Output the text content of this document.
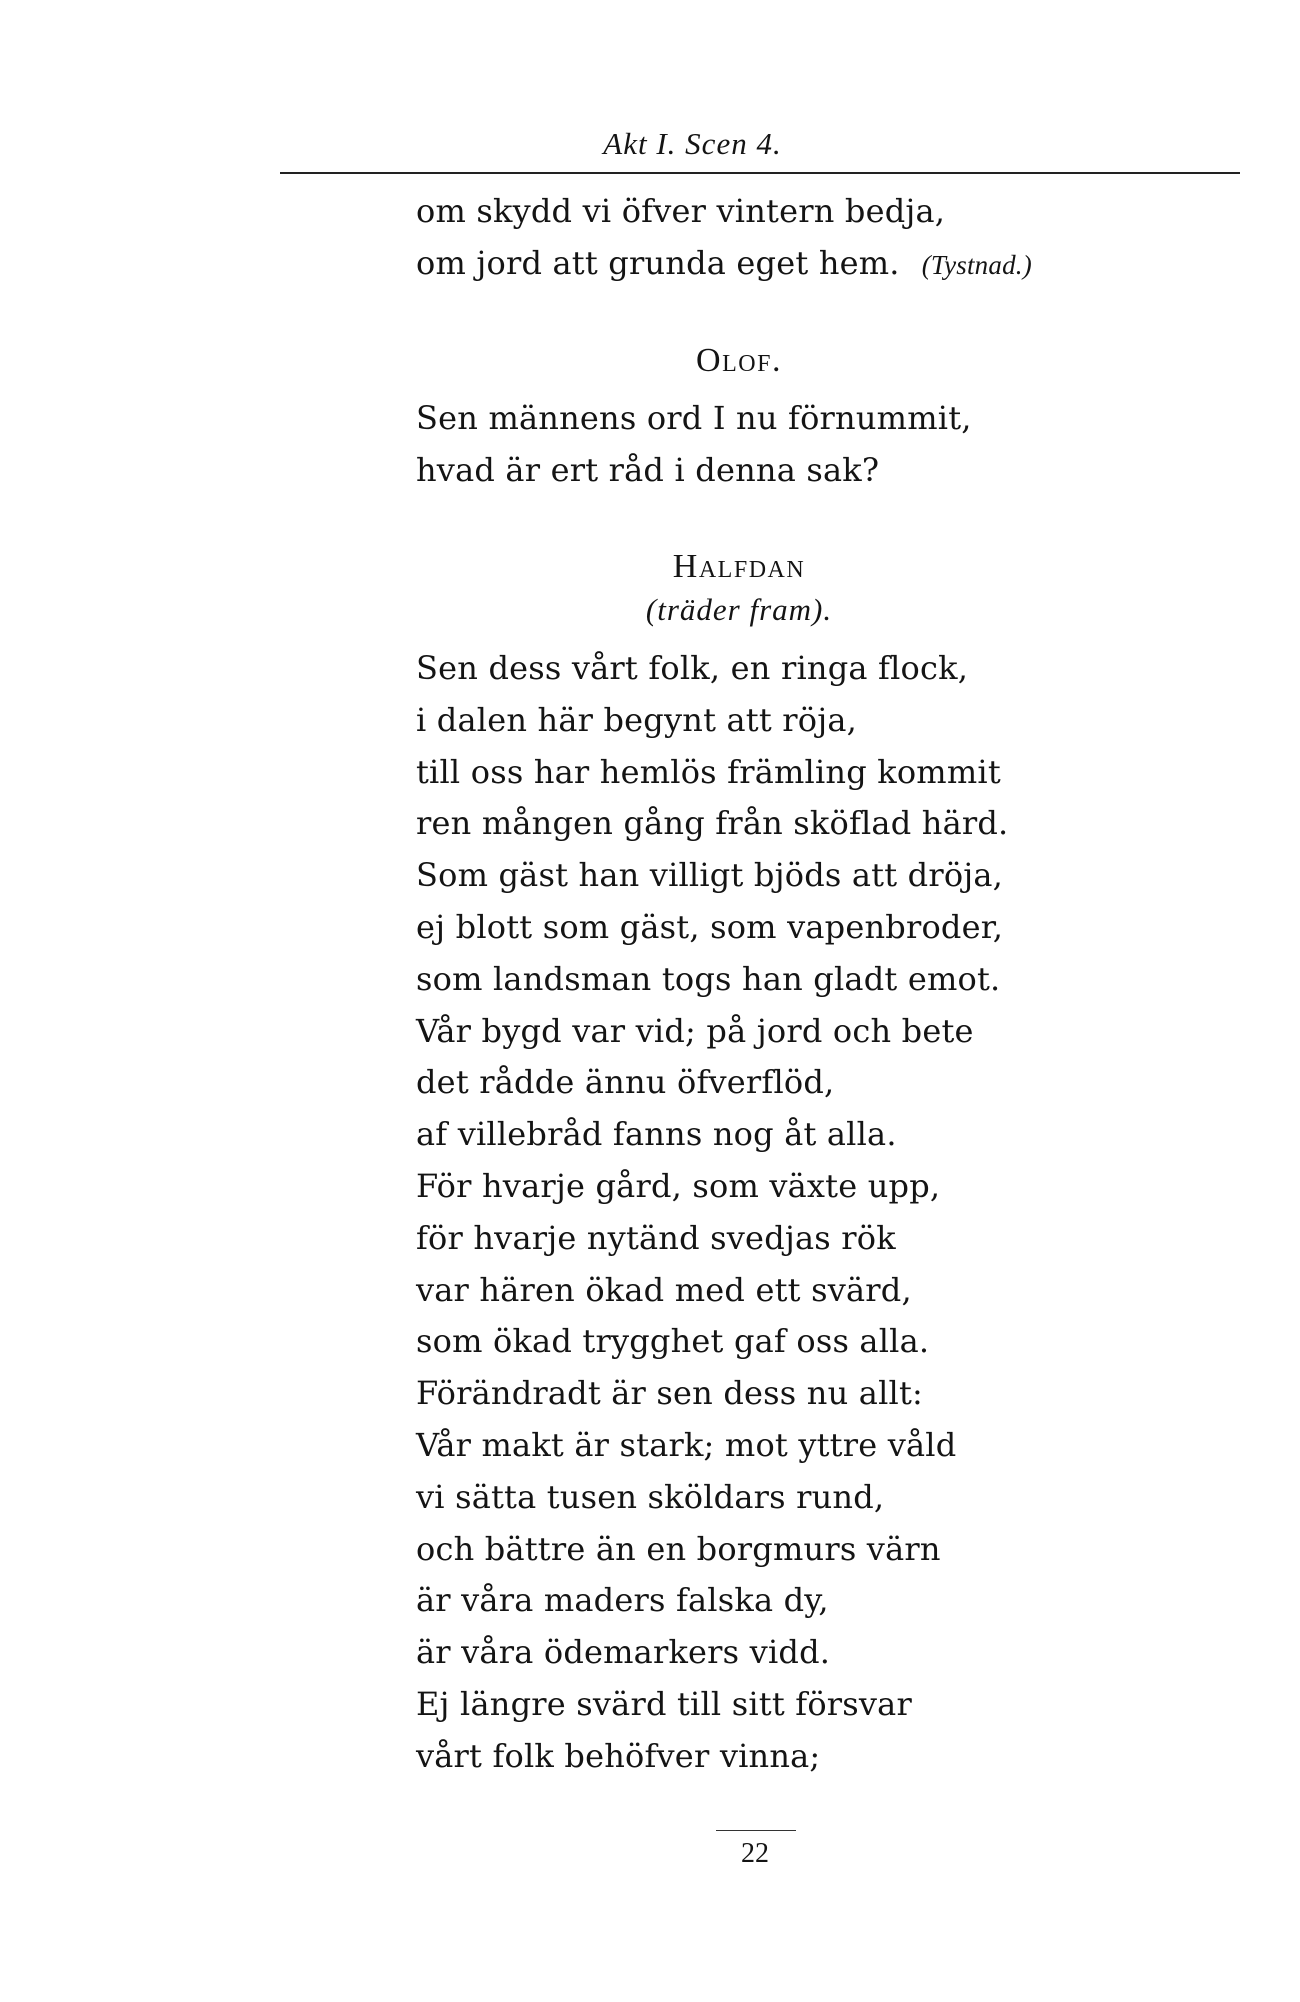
Akt I. Scen 4.
om skydd vi öfver vintern bedja,
om jord att grunda eget hem. (Tystnad.)
Olof.
Sen männens ord I nu förnummit,
hvad är ert råd i denna sak?
Halfdan
(träder fram).
Sen dess vårt folk, en ringa flock,
i dalen här begynt att röja,
till oss har hemlös främling kommit
ren mången gång från sköflad härd.
Som gäst han villigt bjöds att dröja,
ej blott som gäst, som vapenbroder,
som landsman togs han gladt emot.
Vår bygd var vid; på jord och bete
det rådde ännu öfverflöd,
af villebråd fanns nog åt alla.
För hvarje gård, som växte upp,
för hvarje nytänd svedjas rök
var hären ökad med ett svärd,
som ökad trygghet gaf oss alla.
Förändradt är sen dess nu allt:
Vår makt är stark; mot yttre våld
vi sätta tusen sköldars rund,
och bättre än en borgmurs värn
är våra maders falska dy,
är våra ödemarkers vidd.
Ej längre svärd till sitt försvar
vårt folk behöfver vinna;
22
